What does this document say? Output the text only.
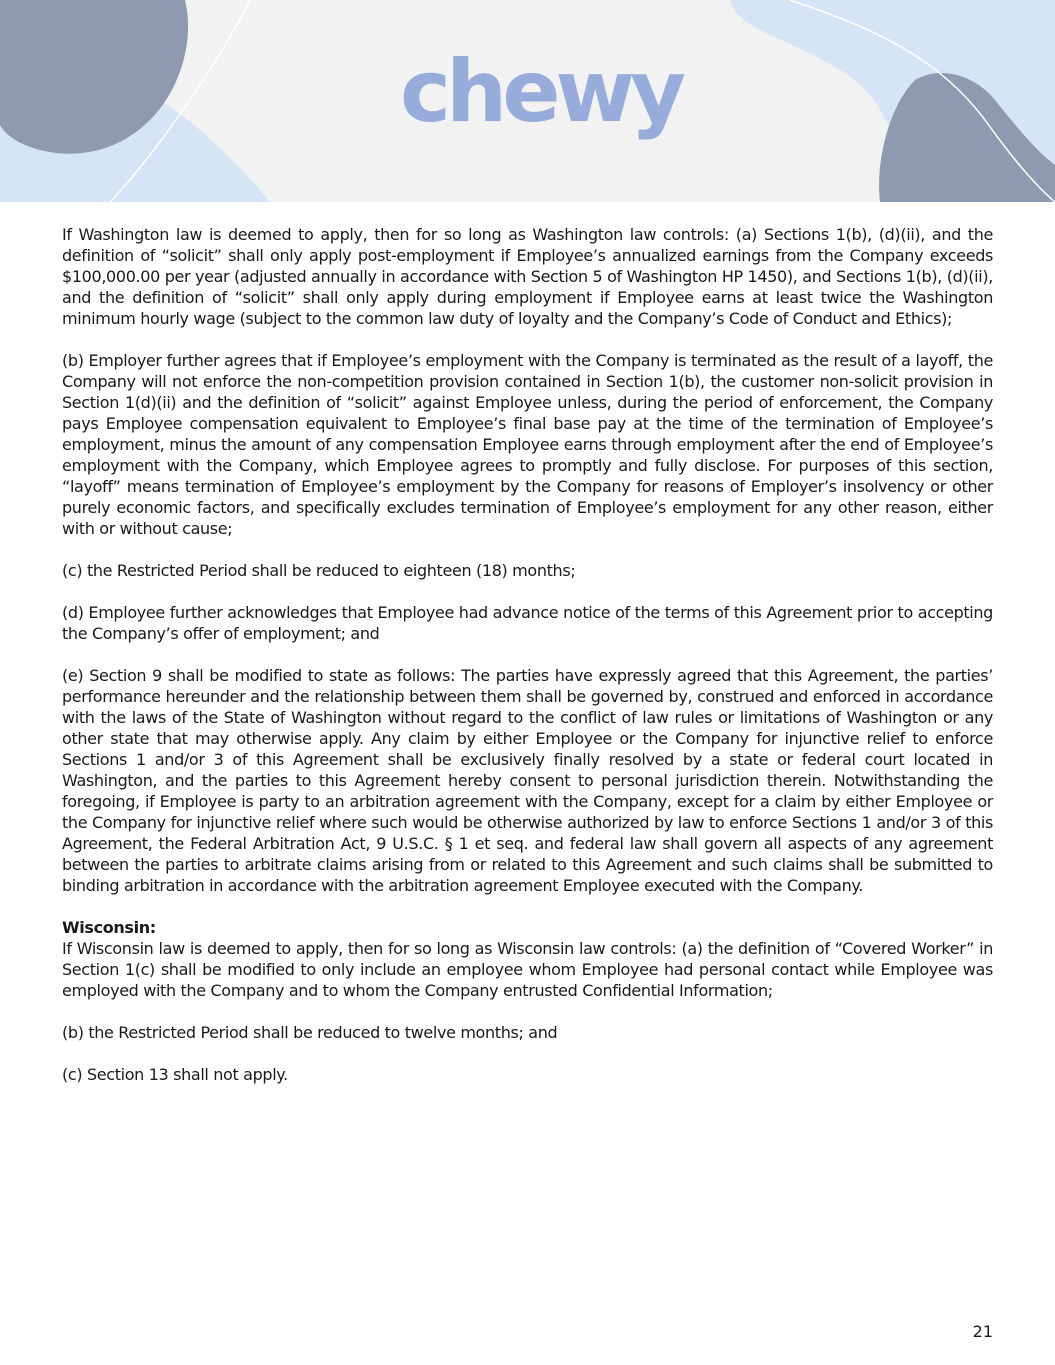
chewy

If Washington law is deemed to apply, then for so long as Washington law controls: (a) Sections 1(b), (d)(ii), and the definition of “solicit” shall only apply post-employment if Employee’s annualized earnings from the Company exceeds $100,000.00 per year (adjusted annually in accordance with Section 5 of Washington HP 1450), and Sections 1(b), (d)(ii), and the definition of “solicit” shall only apply during employment if Employee earns at least twice the Washington minimum hourly wage (subject to the common law duty of loyalty and the Company’s Code of Conduct and Ethics);

(b) Employer further agrees that if Employee’s employment with the Company is terminated as the result of a layoff, the Company will not enforce the non-competition provision contained in Section 1(b), the customer non-solicit provision in Section 1(d)(ii) and the definition of “solicit” against Employee unless, during the period of enforcement, the Company pays Employee compensation equivalent to Employee’s final base pay at the time of the termination of Employee’s employment, minus the amount of any compensation Employee earns through employment after the end of Employee’s employment with the Company, which Employee agrees to promptly and fully disclose. For purposes of this section, “layoff” means termination of Employee’s employment by the Company for reasons of Employer’s insolvency or other purely economic factors, and specifically excludes termination of Employee’s employment for any other reason, either with or without cause;

(c) the Restricted Period shall be reduced to eighteen (18) months;

(d) Employee further acknowledges that Employee had advance notice of the terms of this Agreement prior to accepting the Company’s offer of employment; and

(e) Section 9 shall be modified to state as follows: The parties have expressly agreed that this Agreement, the parties’ performance hereunder and the relationship between them shall be governed by, construed and enforced in accordance with the laws of the State of Washington without regard to the conflict of law rules or limitations of Washington or any other state that may otherwise apply. Any claim by either Employee or the Company for injunctive relief to enforce Sections 1 and/or 3 of this Agreement shall be exclusively finally resolved by a state or federal court located in Washington, and the parties to this Agreement hereby consent to personal jurisdiction therein. Notwithstanding the foregoing, if Employee is party to an arbitration agreement with the Company, except for a claim by either Employee or the Company for injunctive relief where such would be otherwise authorized by law to enforce Sections 1 and/or 3 of this Agreement, the Federal Arbitration Act, 9 U.S.C. § 1 et seq. and federal law shall govern all aspects of any agreement between the parties to arbitrate claims arising from or related to this Agreement and such claims shall be submitted to binding arbitration in accordance with the arbitration agreement Employee executed with the Company.

Wisconsin:

If Wisconsin law is deemed to apply, then for so long as Wisconsin law controls: (a) the definition of “Covered Worker” in Section 1(c) shall be modified to only include an employee whom Employee had personal contact while Employee was employed with the Company and to whom the Company entrusted Confidential Information;

(b) the Restricted Period shall be reduced to twelve months; and

(c) Section 13 shall not apply.

21
